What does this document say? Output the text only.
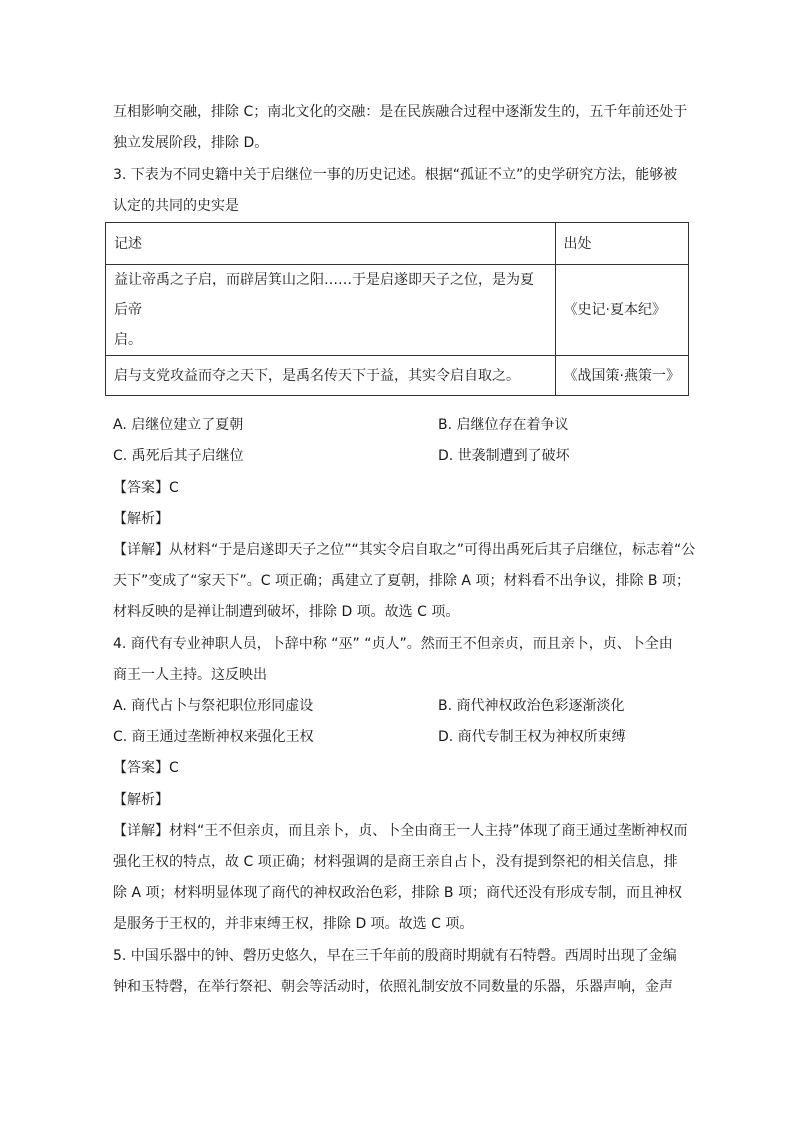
互相影响交融，排除 C；南北文化的交融：是在民族融合过程中逐渐发生的，五千年前还处于
独立发展阶段，排除 D。
3. 下表为不同史籍中关于启继位一事的历史记述。根据“孤证不立”的史学研究方法，能够被
认定的共同的史实是
记述	出处

益让帝禹之子启，而辟居箕山之阳……于是启遂即天子之位，是为夏后帝
启。	《史记·夏本纪》
启与支党攻益而夺之天下，是禹名传天下于益，其实令启自取之。	《战国策·燕策一》
A. 启继位建立了夏朝	B. 启继位存在着争议
C. 禹死后其子启继位	D. 世袭制遭到了破坏
【答案】C
【解析】
【详解】从材料“于是启遂即天子之位”“其实令启自取之”可得出禹死后其子启继位，标志着“公
天下”变成了“家天下”。C 项正确；禹建立了夏朝，排除 A 项；材料看不出争议，排除 B 项；
材料反映的是禅让制遭到破坏，排除 D 项。故选 C 项。
4. 商代有专业神职人员，卜辞中称 “巫” “贞人”。然而王不但亲贞，而且亲卜，贞、卜全由
商王一人主持。这反映出
A. 商代占卜与祭祀职位形同虚设	B. 商代神权政治色彩逐渐淡化
C. 商王通过垄断神权来强化王权	D. 商代专制王权为神权所束缚
【答案】C
【解析】
【详解】材料“王不但亲贞，而且亲卜，贞、卜全由商王一人主持”体现了商王通过垄断神权而
强化王权的特点，故 C 项正确；材料强调的是商王亲自占卜，没有提到祭祀的相关信息，排
除 A 项；材料明显体现了商代的神权政治色彩，排除 B 项；商代还没有形成专制，而且神权
是服务于王权的，并非束缚王权，排除 D 项。故选 C 项。
5. 中国乐器中的钟、磬历史悠久，早在三千年前的殷商时期就有石特磬。西周时出现了金编
钟和玉特磬，在举行祭祀、朝会等活动时，依照礼制安放不同数量的乐器，乐器声响，金声
